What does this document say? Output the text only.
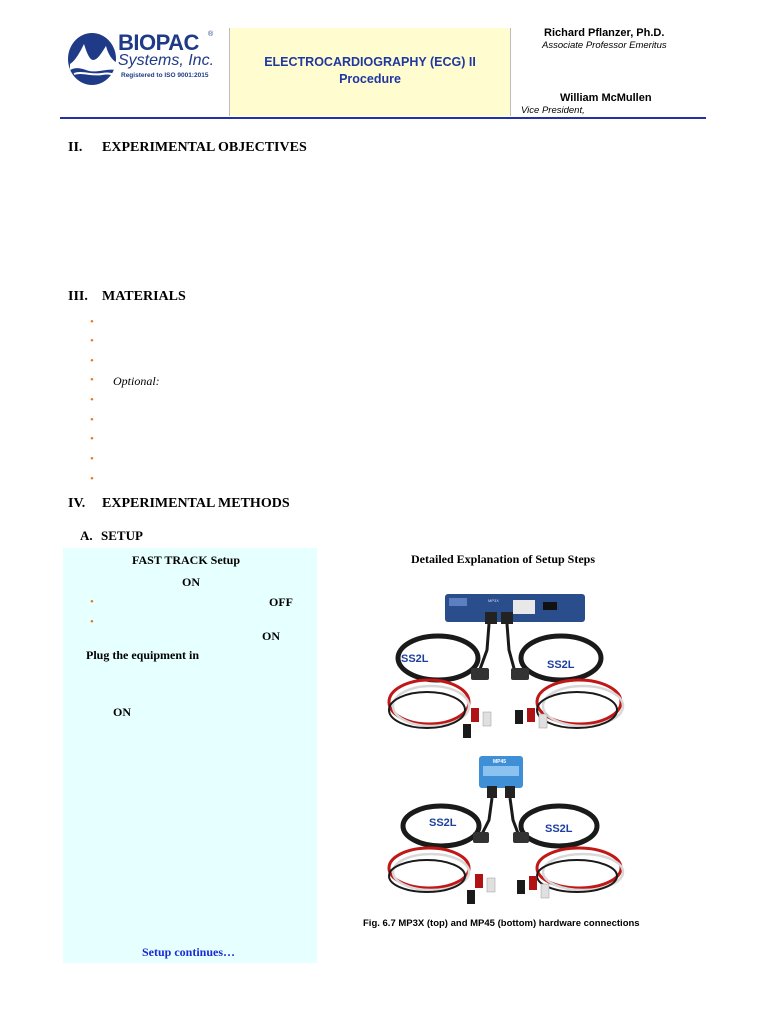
BIOPAC ®
Systems, Inc.
Registered to ISO 9001:2015
ELECTROCARDIOGRAPHY (ECG) II
Procedure
Richard Pflanzer, Ph.D.
Associate Professor Emeritus
William McMullen
Vice President,
II. EXPERIMENTAL OBJECTIVES
III. MATERIALS
•
•
•
• Optional:
•
•
•
•
•
IV. EXPERIMENTAL METHODS
A. SETUP
FAST TRACK Setup
ON
•	OFF
•
ON
Plug the equipment in
ON
Setup continues…
Detailed Explanation of Setup Steps
MP3X
SS2L	SS2L
MP45
SS2L	SS2L
Fig. 6.7 MP3X (top) and MP45 (bottom) hardware connections
